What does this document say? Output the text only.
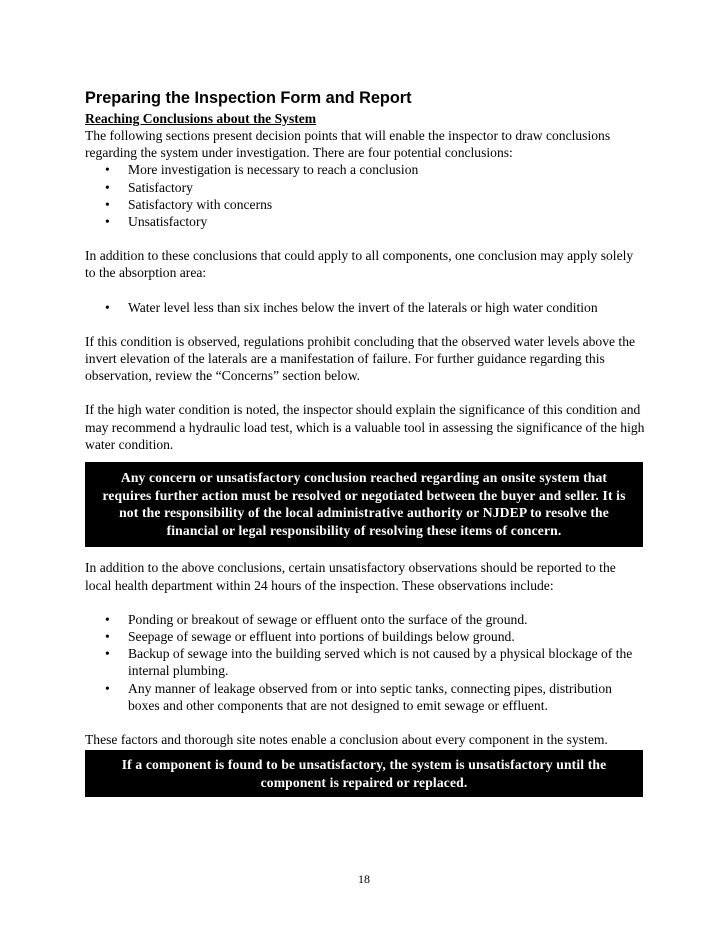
Preparing the Inspection Form and Report
Reaching Conclusions about the System

The following sections present decision points that will enable the inspector to draw conclusions regarding the system under investigation. There are four potential conclusions:

• More investigation is necessary to reach a conclusion
• Satisfactory
• Satisfactory with concerns
• Unsatisfactory

In addition to these conclusions that could apply to all components, one conclusion may apply solely to the absorption area:

• Water level less than six inches below the invert of the laterals or high water condition

If this condition is observed, regulations prohibit concluding that the observed water levels above the invert elevation of the laterals are a manifestation of failure. For further guidance regarding this observation, review the “Concerns” section below.

If the high water condition is noted, the inspector should explain the significance of this condition and may recommend a hydraulic load test, which is a valuable tool in assessing the significance of the high water condition.

Any concern or unsatisfactory conclusion reached regarding an onsite system that requires further action must be resolved or negotiated between the buyer and seller. It is not the responsibility of the local administrative authority or NJDEP to resolve the financial or legal responsibility of resolving these items of concern.

In addition to the above conclusions, certain unsatisfactory observations should be reported to the local health department within 24 hours of the inspection. These observations include:

• Ponding or breakout of sewage or effluent onto the surface of the ground.
• Seepage of sewage or effluent into portions of buildings below ground.
• Backup of sewage into the building served which is not caused by a physical blockage of the internal plumbing.
• Any manner of leakage observed from or into septic tanks, connecting pipes, distribution boxes and other components that are not designed to emit sewage or effluent.

These factors and thorough site notes enable a conclusion about every component in the system.

If a component is found to be unsatisfactory, the system is unsatisfactory until the component is repaired or replaced.
18
